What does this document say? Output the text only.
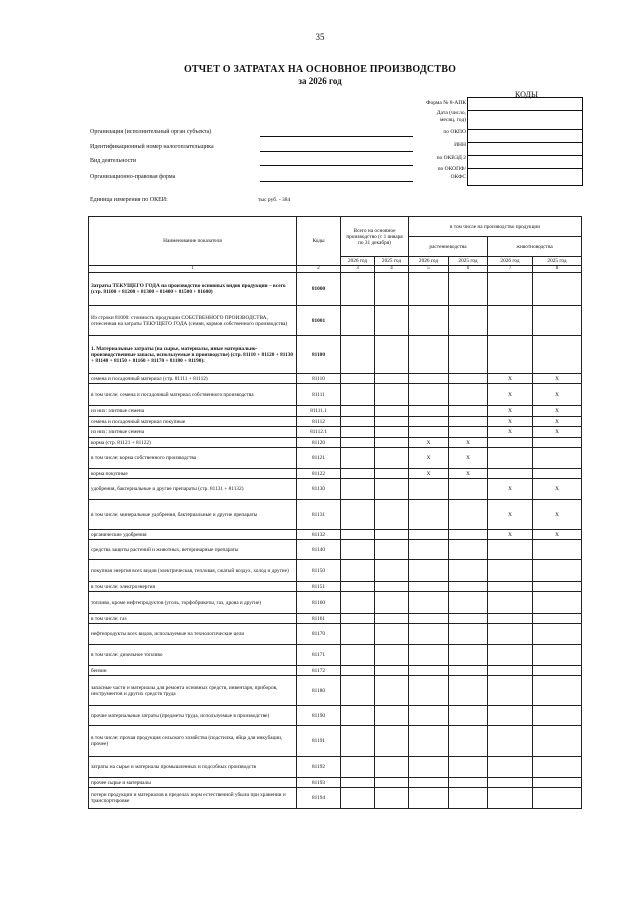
35
ОТЧЕТ О ЗАТРАТАХ НА ОСНОВНОЕ ПРОИЗВОДСТВО
за 2026 год
КОДЫ
Форма № 8-АПК
Дата (число,
месяц, год)
по ОКПО
ИНН
по ОКВЭД 2
по ОКОПФ/
ОКФС
Организация (исполнительный орган субъекта)
Идентификационный номер налогоплательщика
Вид деятельности
Организационно-правовая форма
Единица измерения по ОКЕИ:	тыс руб. - 384
Наименование показателя	Коды	Всего на основное производство (с 1 января по 31 декабря)		в том числе на производство продукции			
				растениеводства		животноводства	
		2026 год	2025 год	2026 год	2025 год	2026 год	2025 год
1	2	3	4	5	6	7	8
Затраты ТЕКУЩЕГО ГОДА на производство основных видов продукции – всего (стр. 81100 + 81200 + 81300 + 81400 + 81500 + 81600)	81000						
Из строки 81000: стоимость продукции СОБСТВЕННОГО ПРОИЗВОДСТВА, отнесенная на затраты ТЕКУЩЕГО ГОДА (семян, кормов собственного производства)	81001						
1. Материальные затраты (на сырье, материалы, иные материально-производственные запасы, используемые в производстве) (стр. 81110 + 81120 + 81130 + 81140 + 81150 + 81160 + 81170 + 81180 + 81190):	81100						
семена и посадочный материал (стр. 81111 + 81112)	81110					X	X
в том числе: семена и посадочный материал собственного производства	81111					X	X
из них: элитные семена	81111.1					X	X
семена и посадочный материал покупные	81112					X	X
из них: элитные семена	81112.1					X	X
корма (стр. 81121 + 81122)	81120			X	X		
в том числе: корма собственного производства	81121			X	X		
корма покупные	81122			X	X		
удобрения, бактериальные и другие препараты (стр. 81131 + 81132)	81130					X	X
в том числе: минеральные удобрения, бактериальные и другие препараты	81131					X	X
органические удобрения	81132					X	X
средства защиты растений и животных, ветеринарные препараты	81140						
покупная энергия всех видов (электрическая, тепловая, сжатый воздух, холод и другие)	81150						
в том числе: электроэнергия	81151						
топливо, кроме нефтепродуктов (уголь, торфобрикеты, газ, дрова и другие)	81160						
в том числе: газ	81161						
нефтепродукты всех видов, используемые на технологические цели	81170						
в том числе: дизельное топливо	81171						
бензин	81172						
запасные части и материалы для ремонта основных средств, инвентаря, приборов, инструментов и других средств труда	81180						
прочие материальные затраты (предметы труда, используемые в производстве)	81190						
в том числе: прочая продукция сельского хозяйства (подстилка, яйца для инкубации, прочее)	81191						
затраты на сырье и материалы промышленных и подсобных производств	81192						
прочее сырье и материалы	81193						
потери продукции и материалов в пределах норм естественной убыли при хранении и транспортировке	81194						
